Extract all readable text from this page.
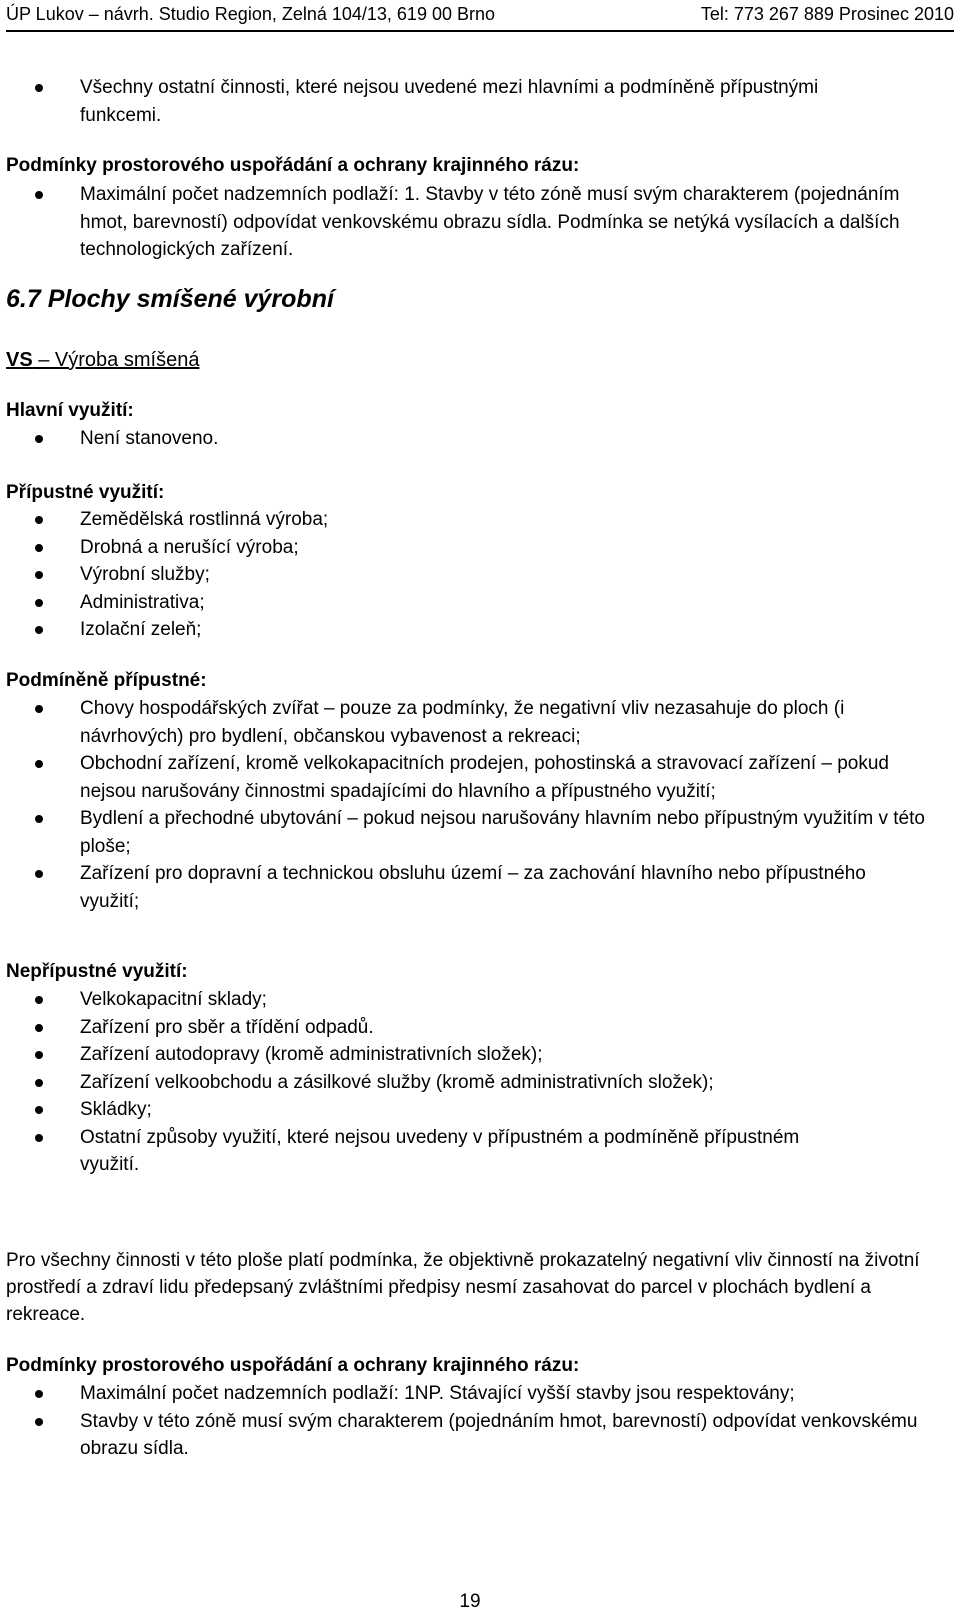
ÚP Lukov – návrh. Studio Region, Zelná 104/13, 619 00 Brno	Tel: 773 267 889 Prosinec 2010
Všechny ostatní činnosti, které nejsou uvedené mezi hlavními a podmíněně přípustnými funkcemi.
Podmínky prostorového uspořádání a ochrany krajinného rázu:
Maximální počet nadzemních podlaží: 1. Stavby v této zóně musí svým charakterem (pojednáním hmot, barevností) odpovídat venkovskému obrazu sídla. Podmínka se netýká vysílacích a dalších technologických zařízení.
6.7 Plochy smíšené výrobní
VS – Výroba smíšená
Hlavní využití:
Není stanoveno.
Přípustné využití:
Zemědělská rostlinná výroba;
Drobná a nerušící výroba;
Výrobní služby;
Administrativa;
Izolační zeleň;
Podmíněně přípustné:
Chovy hospodářských zvířat – pouze za podmínky, že negativní vliv nezasahuje do ploch (i návrhových) pro bydlení, občanskou vybavenost a rekreaci;
Obchodní zařízení, kromě velkokapacitních prodejen, pohostinská a stravovací zařízení – pokud nejsou narušovány činnostmi spadajícími do hlavního a přípustného využití;
Bydlení a přechodné ubytování – pokud nejsou narušovány hlavním nebo přípustným využitím v této ploše;
Zařízení pro dopravní a technickou obsluhu území – za zachování hlavního nebo přípustného využití;
Nepřípustné využití:
Velkokapacitní sklady;
Zařízení pro sběr a třídění odpadů.
Zařízení autodopravy (kromě administrativních složek);
Zařízení velkoobchodu a zásilkové služby (kromě administrativních složek);
Skládky;
Ostatní způsoby využití, které nejsou uvedeny v přípustném a podmíněně přípustném využití.
Pro všechny činnosti v této ploše platí podmínka, že objektivně prokazatelný negativní vliv činností na životní prostředí a zdraví lidu předepsaný zvláštními předpisy nesmí zasahovat do parcel v plochách bydlení a rekreace.
Podmínky prostorového uspořádání a ochrany krajinného rázu:
Maximální počet nadzemních podlaží: 1NP. Stávající vyšší stavby jsou respektovány;
Stavby v této zóně musí svým charakterem (pojednáním hmot, barevností) odpovídat venkovskému obrazu sídla.
19
